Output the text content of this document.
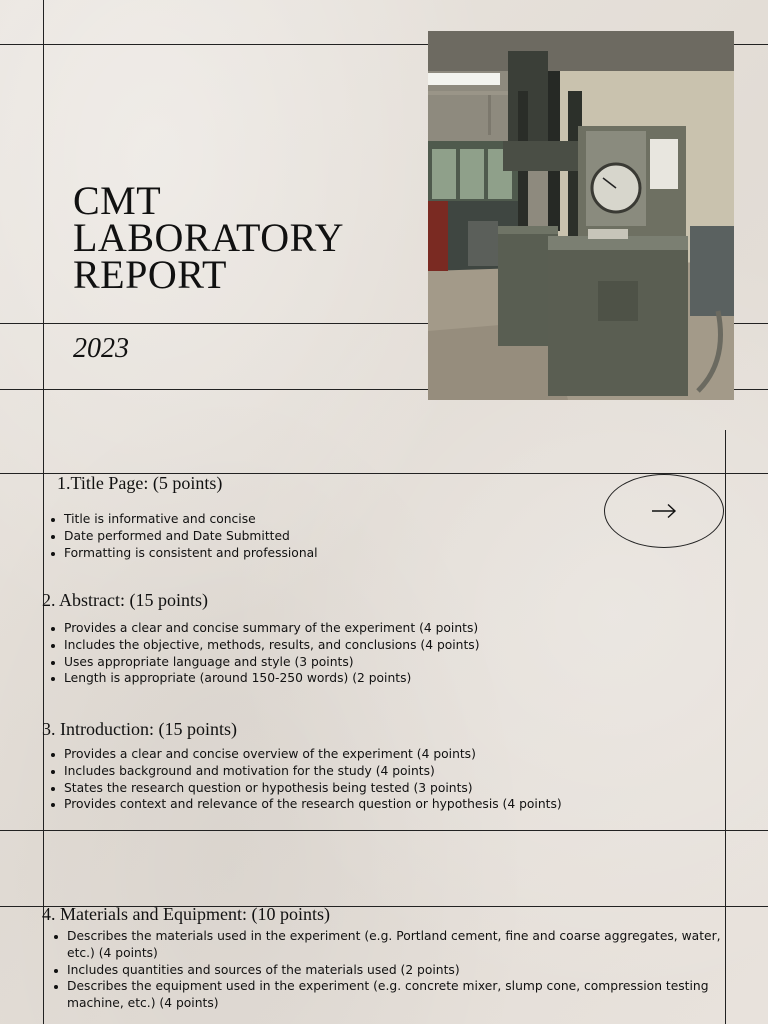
CMT
LABORATORY
REPORT
2023
1.Title Page: (5 points)
Title is informative and concise
Date performed and Date Submitted
Formatting is consistent and professional
2. Abstract: (15 points)
Provides a clear and concise summary of the experiment (4 points)
Includes the objective, methods, results, and conclusions (4 points)
Uses appropriate language and style (3 points)
Length is appropriate (around 150-250 words) (2 points)
3. Introduction: (15 points)
Provides a clear and concise overview of the experiment (4 points)
Includes background and motivation for the study (4 points)
States the research question or hypothesis being tested (3 points)
Provides context and relevance of the research question or hypothesis (4 points)
4. Materials and Equipment: (10 points)
Describes the materials used in the experiment (e.g. Portland cement, fine and coarse aggregates, water, etc.) (4 points)
Includes quantities and sources of the materials used (2 points)
Describes the equipment used in the experiment (e.g. concrete mixer, slump cone, compression testing machine, etc.) (4 points)
